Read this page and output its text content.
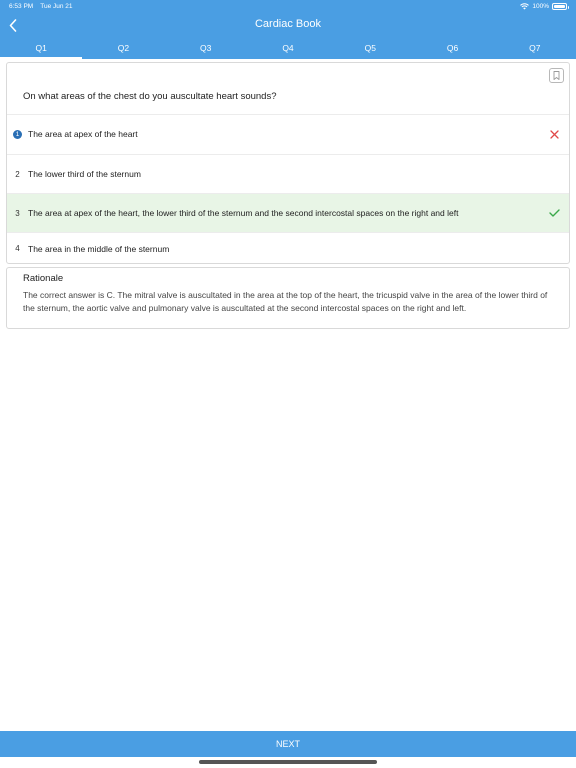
6:53 PM Tue Jun 21	100%
Cardiac Book
Q1	Q2	Q3	Q4	Q5	Q6	Q7
On what areas of the chest do you auscultate heart sounds?
1	The area at apex of the heart
2 The lower third of the sternum
3 The area at apex of the heart, the lower third of the sternum and the second intercostal spaces on the right and left
4 The area in the middle of the sternum
Rationale
The correct answer is C. The mitral valve is auscultated in the area at the top of the heart, the tricuspid valve in the area of the lower third of the sternum, the aortic valve and pulmonary valve is auscultated at the second intercostal spaces on the right and left.
NEXT
